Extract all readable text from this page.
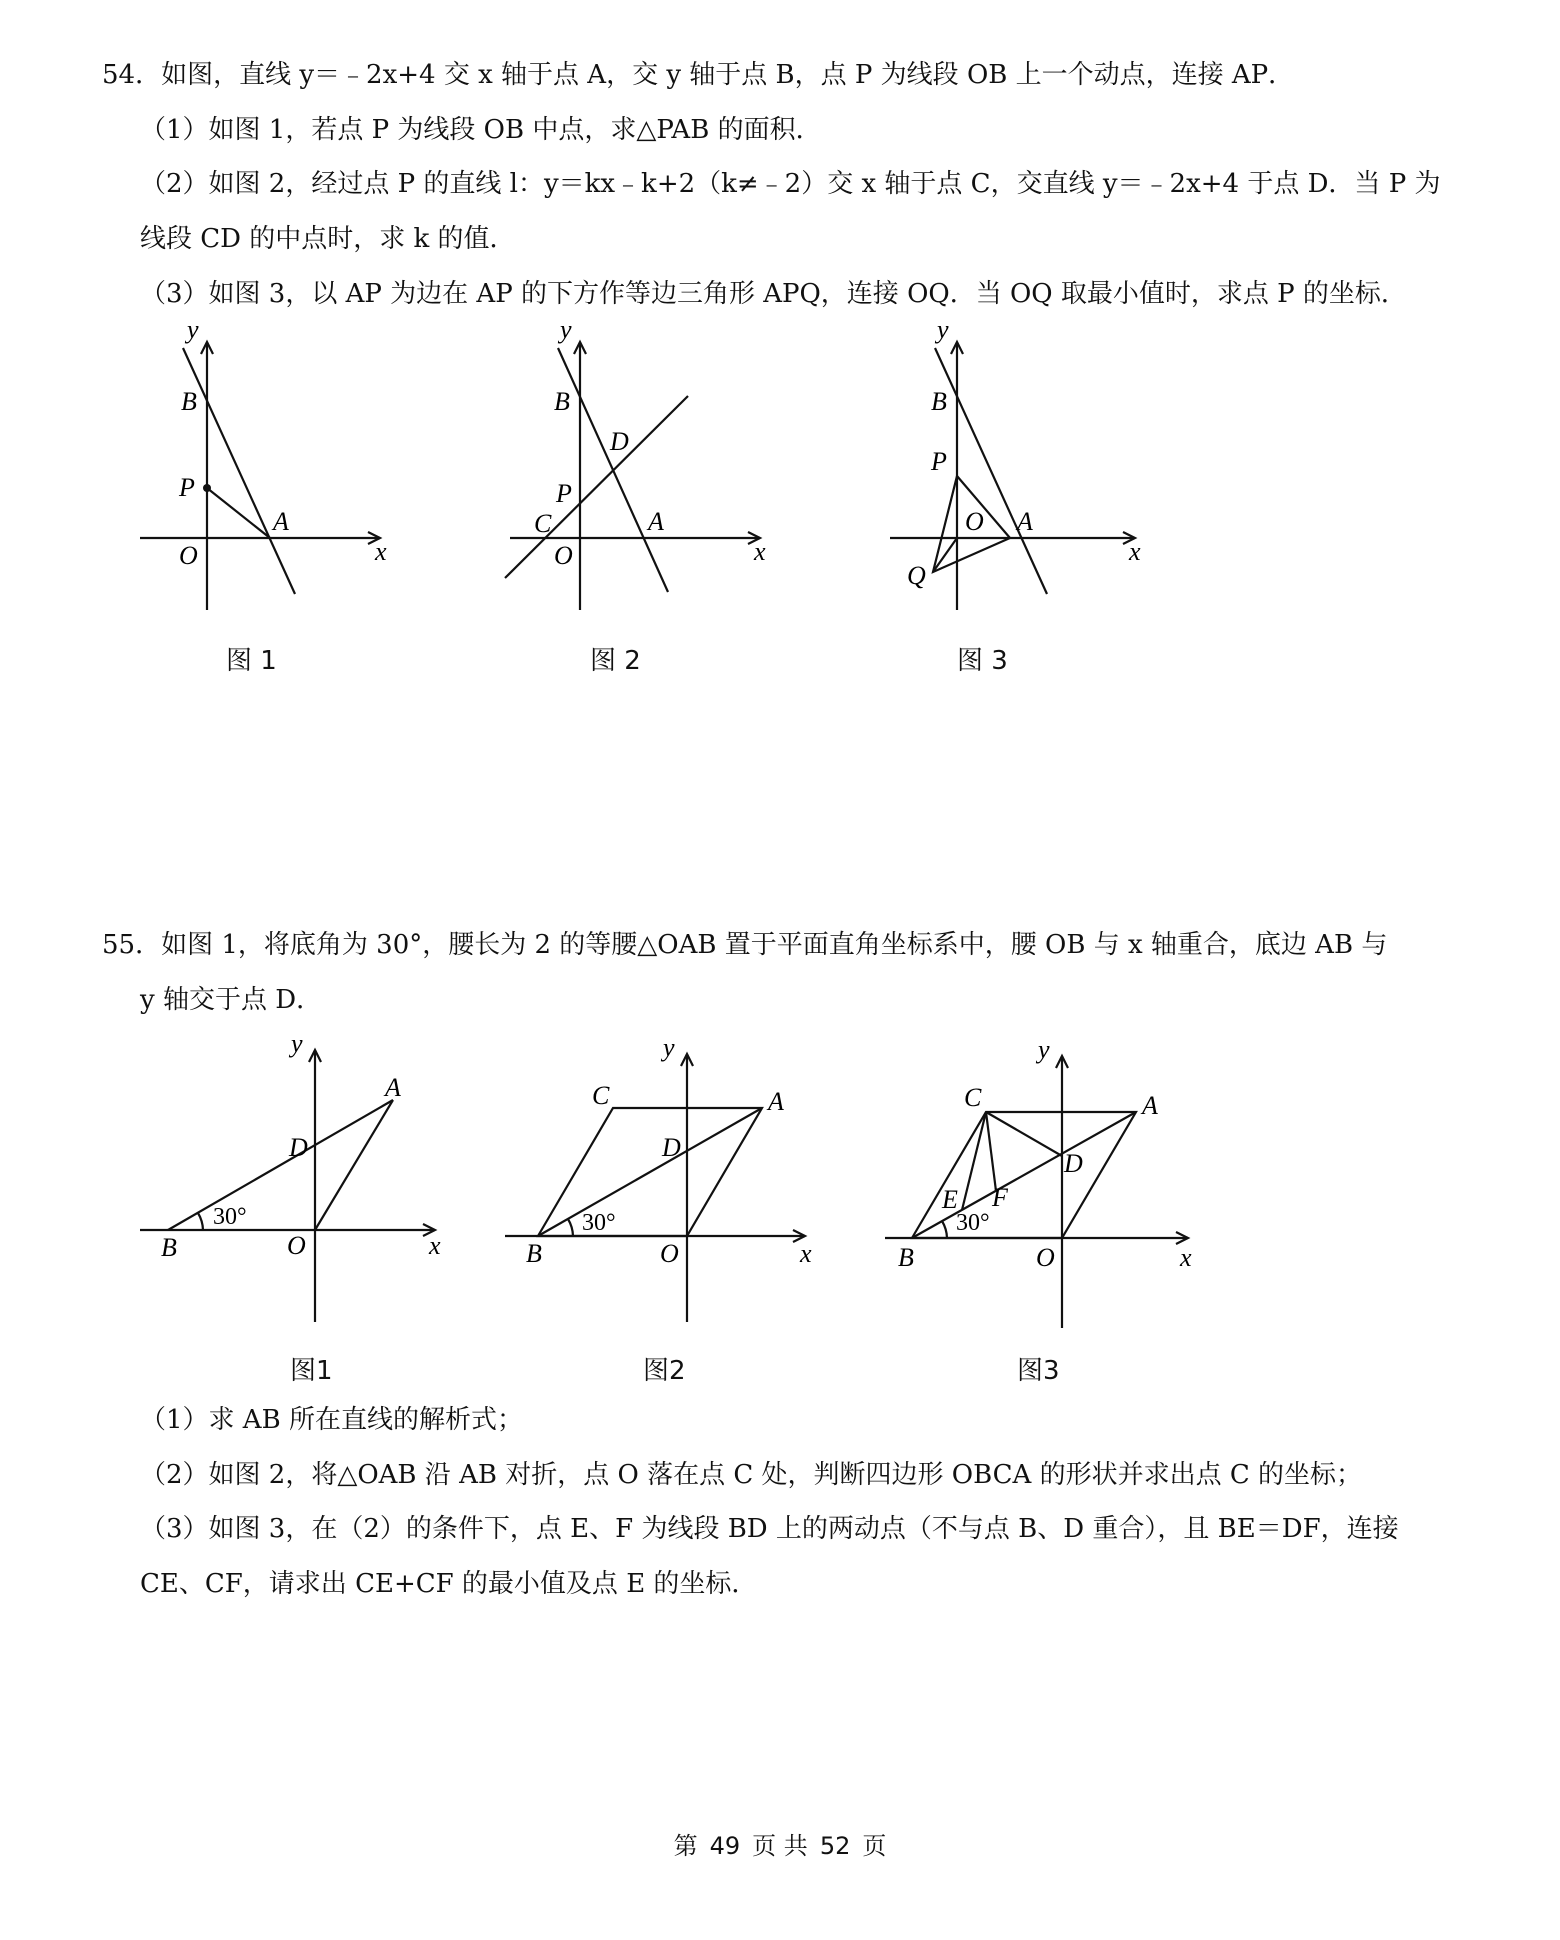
54．如图，直线 y＝﹣2x+4 交 x 轴于点 A，交 y 轴于点 B，点 P 为线段 OB 上一个动点，连接 AP．
（1）如图 1，若点 P 为线段 OB 中点，求△PAB 的面积．
（2）如图 2，经过点 P 的直线 l：y＝kx﹣k+2（k≠﹣2）交 x 轴于点 C，交直线 y＝﹣2x+4 于点 D．当 P 为
线段 CD 的中点时，求 k 的值．
（3）如图 3，以 AP 为边在 AP 的下方作等边三角形 APQ，连接 OQ．当 OQ 取最小值时，求点 P 的坐标．
y
x
B
P
A
O
y
x
B
D
P
C	A
O
y
x
B
P
O A
Q
图 1	图 2	图 3
55．如图 1，将底角为 30°，腰长为 2 的等腰△OAB 置于平面直角坐标系中，腰 OB 与 x 轴重合，底边 AB 与
y 轴交于点 D．
y
A
D
30°
B	O	x
y
C	A
D
30°
B	O	x
y
C	A
D
E F
30°
B	O	x
图1	图2	图3
（1）求 AB 所在直线的解析式；
（2）如图 2，将△OAB 沿 AB 对折，点 O 落在点 C 处，判断四边形 OBCA 的形状并求出点 C 的坐标；
（3）如图 3，在（2）的条件下，点 E、F 为线段 BD 上的两动点（不与点 B、D 重合），且 BE＝DF，连接
CE、CF，请求出 CE+CF 的最小值及点 E 的坐标．
第 49 页 共 52 页
